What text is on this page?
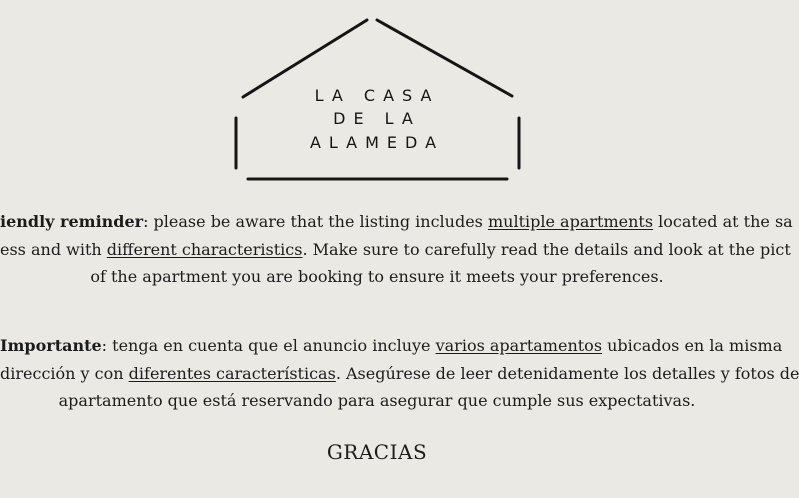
LA CASA
DE LA
ALAMEDA
iendly reminder: please be aware that the listing includes multiple apartments located at the sa
ess and with different characteristics. Make sure to carefully read the details and look at the pict
of the apartment you are booking to ensure it meets your preferences.
Importante: tenga en cuenta que el anuncio incluye varios apartamentos ubicados en la misma
dirección y con diferentes características. Asegúrese de leer detenidamente los detalles y fotos de
apartamento que está reservando para asegurar que cumple sus expectativas.
GRACIAS
